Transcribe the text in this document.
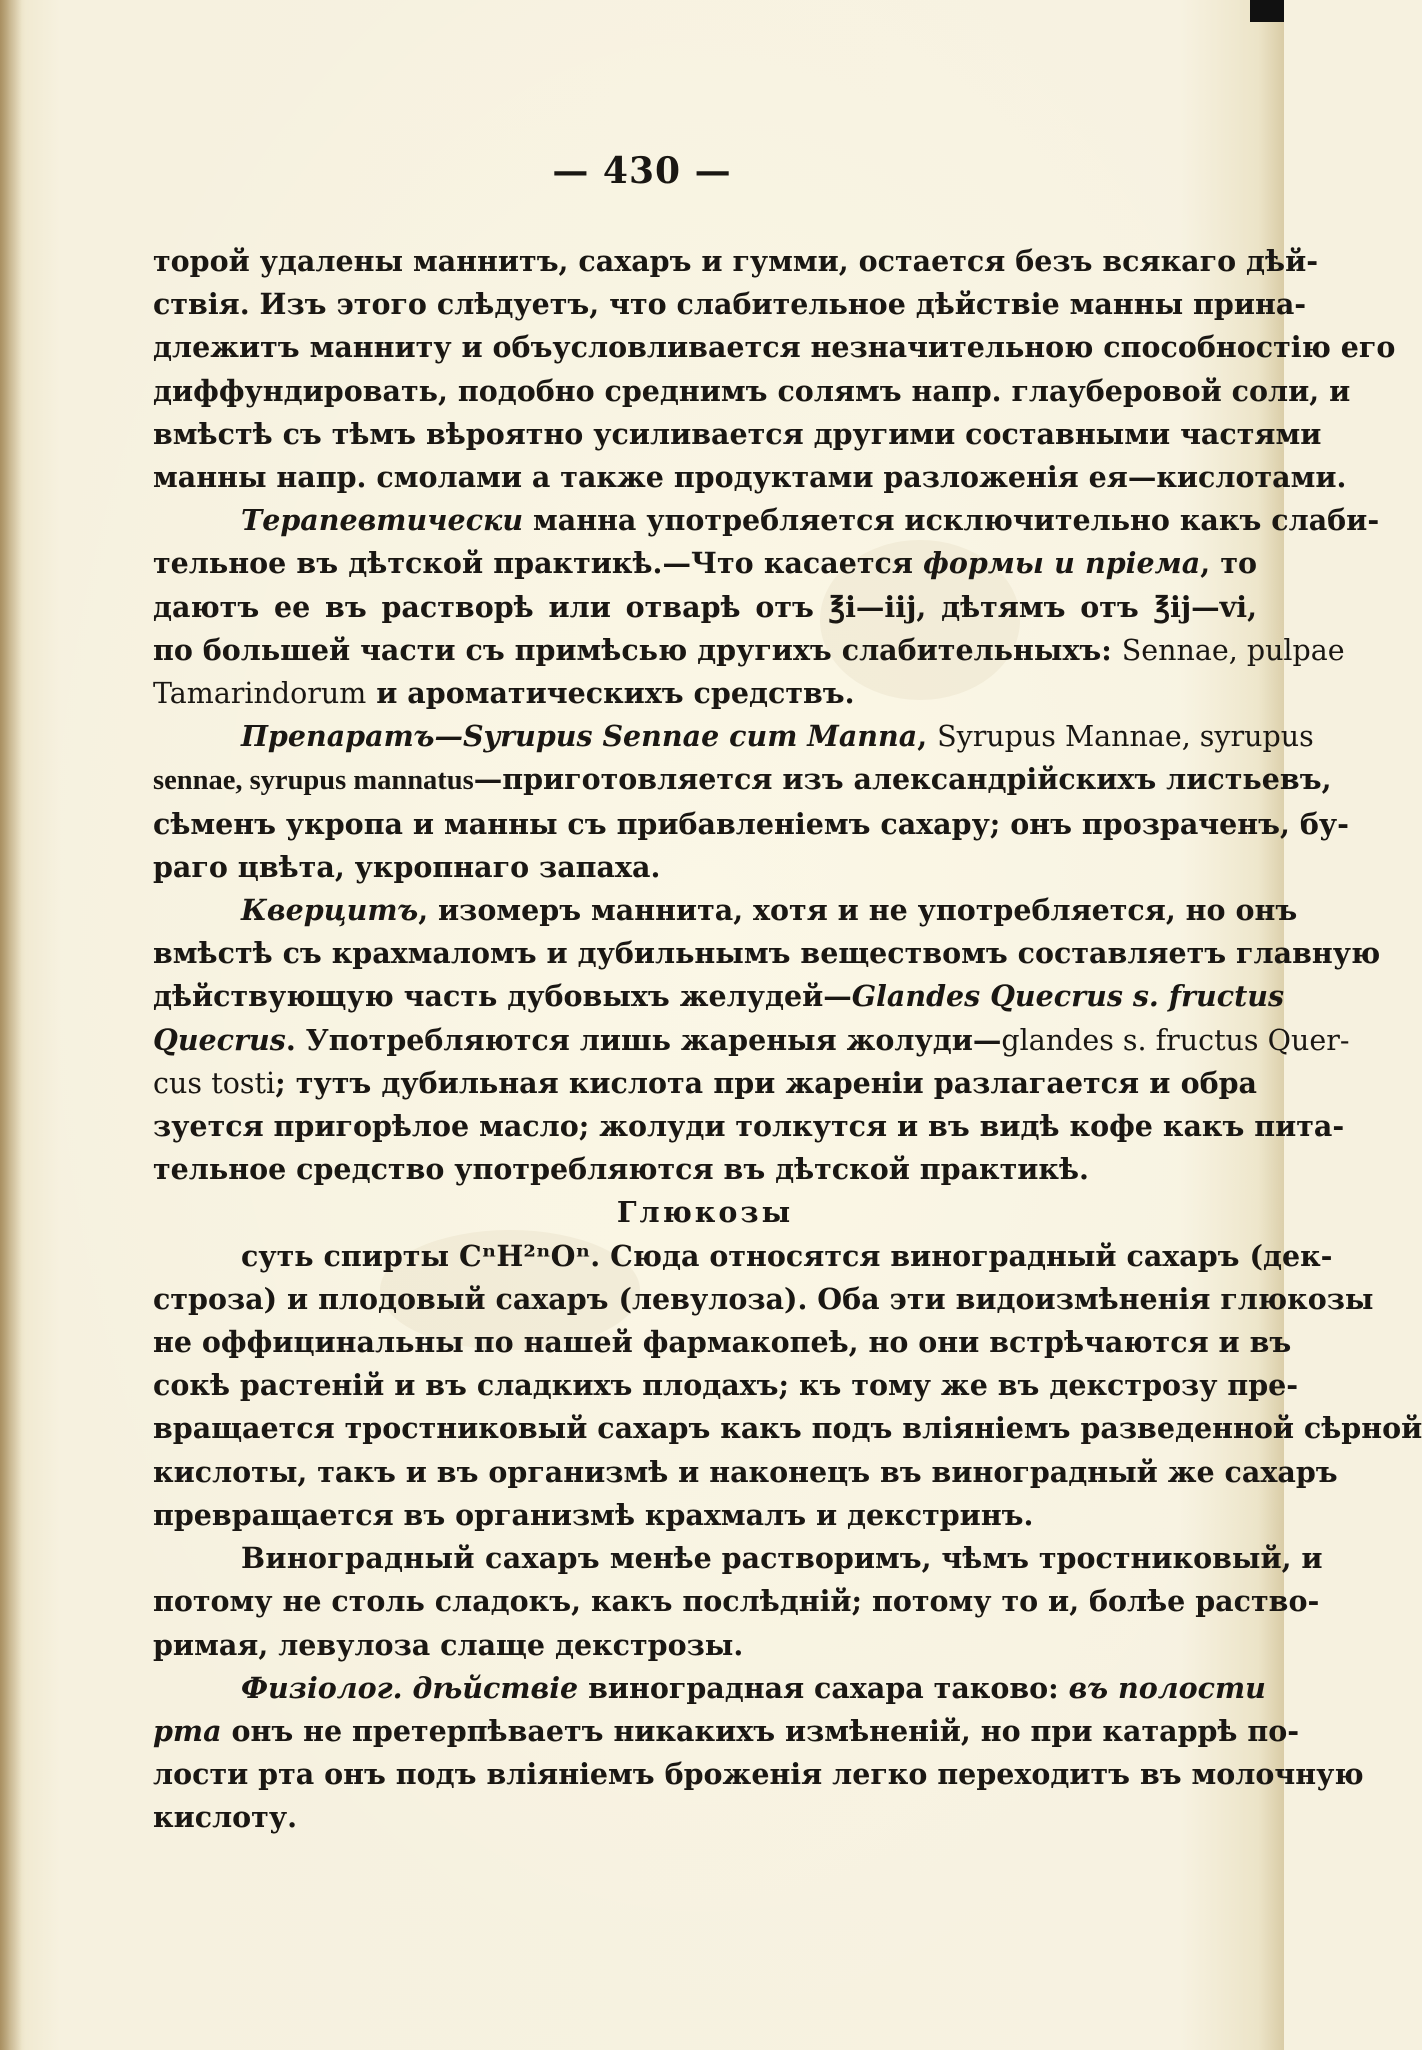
— 430 —
торой удалены маннитъ, сахаръ и гумми, остается безъ всякаго дѣй-
ствія. Изъ этого слѣдуетъ, что слабительное дѣйствіе манны прина-
длежитъ манниту и объусловливается незначительною способностію его
диффундировать, подобно среднимъ солямъ напр. глауберовой соли, и
вмѣстѣ съ тѣмъ вѣроятно усиливается другими составными частями
манны напр. смолами а также продуктами разложенія ея—кислотами.
Терапевтически манна употребляется исключительно какъ слаби-
тельное въ дѣтской практикѣ.—Что касается формы и пріема, то
даютъ ее въ растворѣ или отварѣ отъ ℥і—ііј, дѣтямъ отъ ℥іј—vі,
по большей части съ примѣсью другихъ слабительныхъ: Sennae, pulpae
Tamarindorum и ароматическихъ средствъ.
Препаратъ—Syrupus Sennae cum Manna, Syrupus Mannae, syrupus
sennae, syrupus mannatus—приготовляется изъ александрійскихъ листьевъ,
сѣменъ укропа и манны съ прибавленіемъ сахару; онъ прозраченъ, бу-
раго цвѣта, укропнаго запаха.
Кверцитъ, изомеръ маннита, хотя и не употребляется, но онъ
вмѣстѣ съ крахмаломъ и дубильнымъ веществомъ составляетъ главную
дѣйствующую часть дубовыхъ желудей—Glandes Quecrus s. fructus
Quecrus. Употребляются лишь жареныя жолуди—glandes s. fructus Quer-
cus tosti; тутъ дубильная кислота при жареніи разлагается и обра
зуется пригорѣлое масло; жолуди толкутся и въ видѣ кофе какъ пита-
тельное средство употребляются въ дѣтской практикѣ.
Глюкозы
суть спирты CⁿH²ⁿOⁿ. Сюда относятся виноградный сахаръ (дек-
строза) и плодовый сахаръ (левулоза). Оба эти видоизмѣненія глюкозы
не оффицинальны по нашей фармакопеѣ, но они встрѣчаются и въ
сокѣ растеній и въ сладкихъ плодахъ; къ тому же въ декстрозу пре-
вращается тростниковый сахаръ какъ подъ вліяніемъ разведенной сѣрной
кислоты, такъ и въ организмѣ и наконецъ въ виноградный же сахаръ
превращается въ организмѣ крахмалъ и декстринъ.
Виноградный сахаръ менѣе растворимъ, чѣмъ тростниковый, и
потому не столь сладокъ, какъ послѣдній; потому то и, болѣе раство-
римая, левулоза слаще декстрозы.
Физіолог. дѣйствіе виноградная сахара таково: въ полости
рта онъ не претерпѣваетъ никакихъ измѣненій, но при катаррѣ по-
лости рта онъ подъ вліяніемъ броженія легко переходитъ въ молочную
кислоту.
